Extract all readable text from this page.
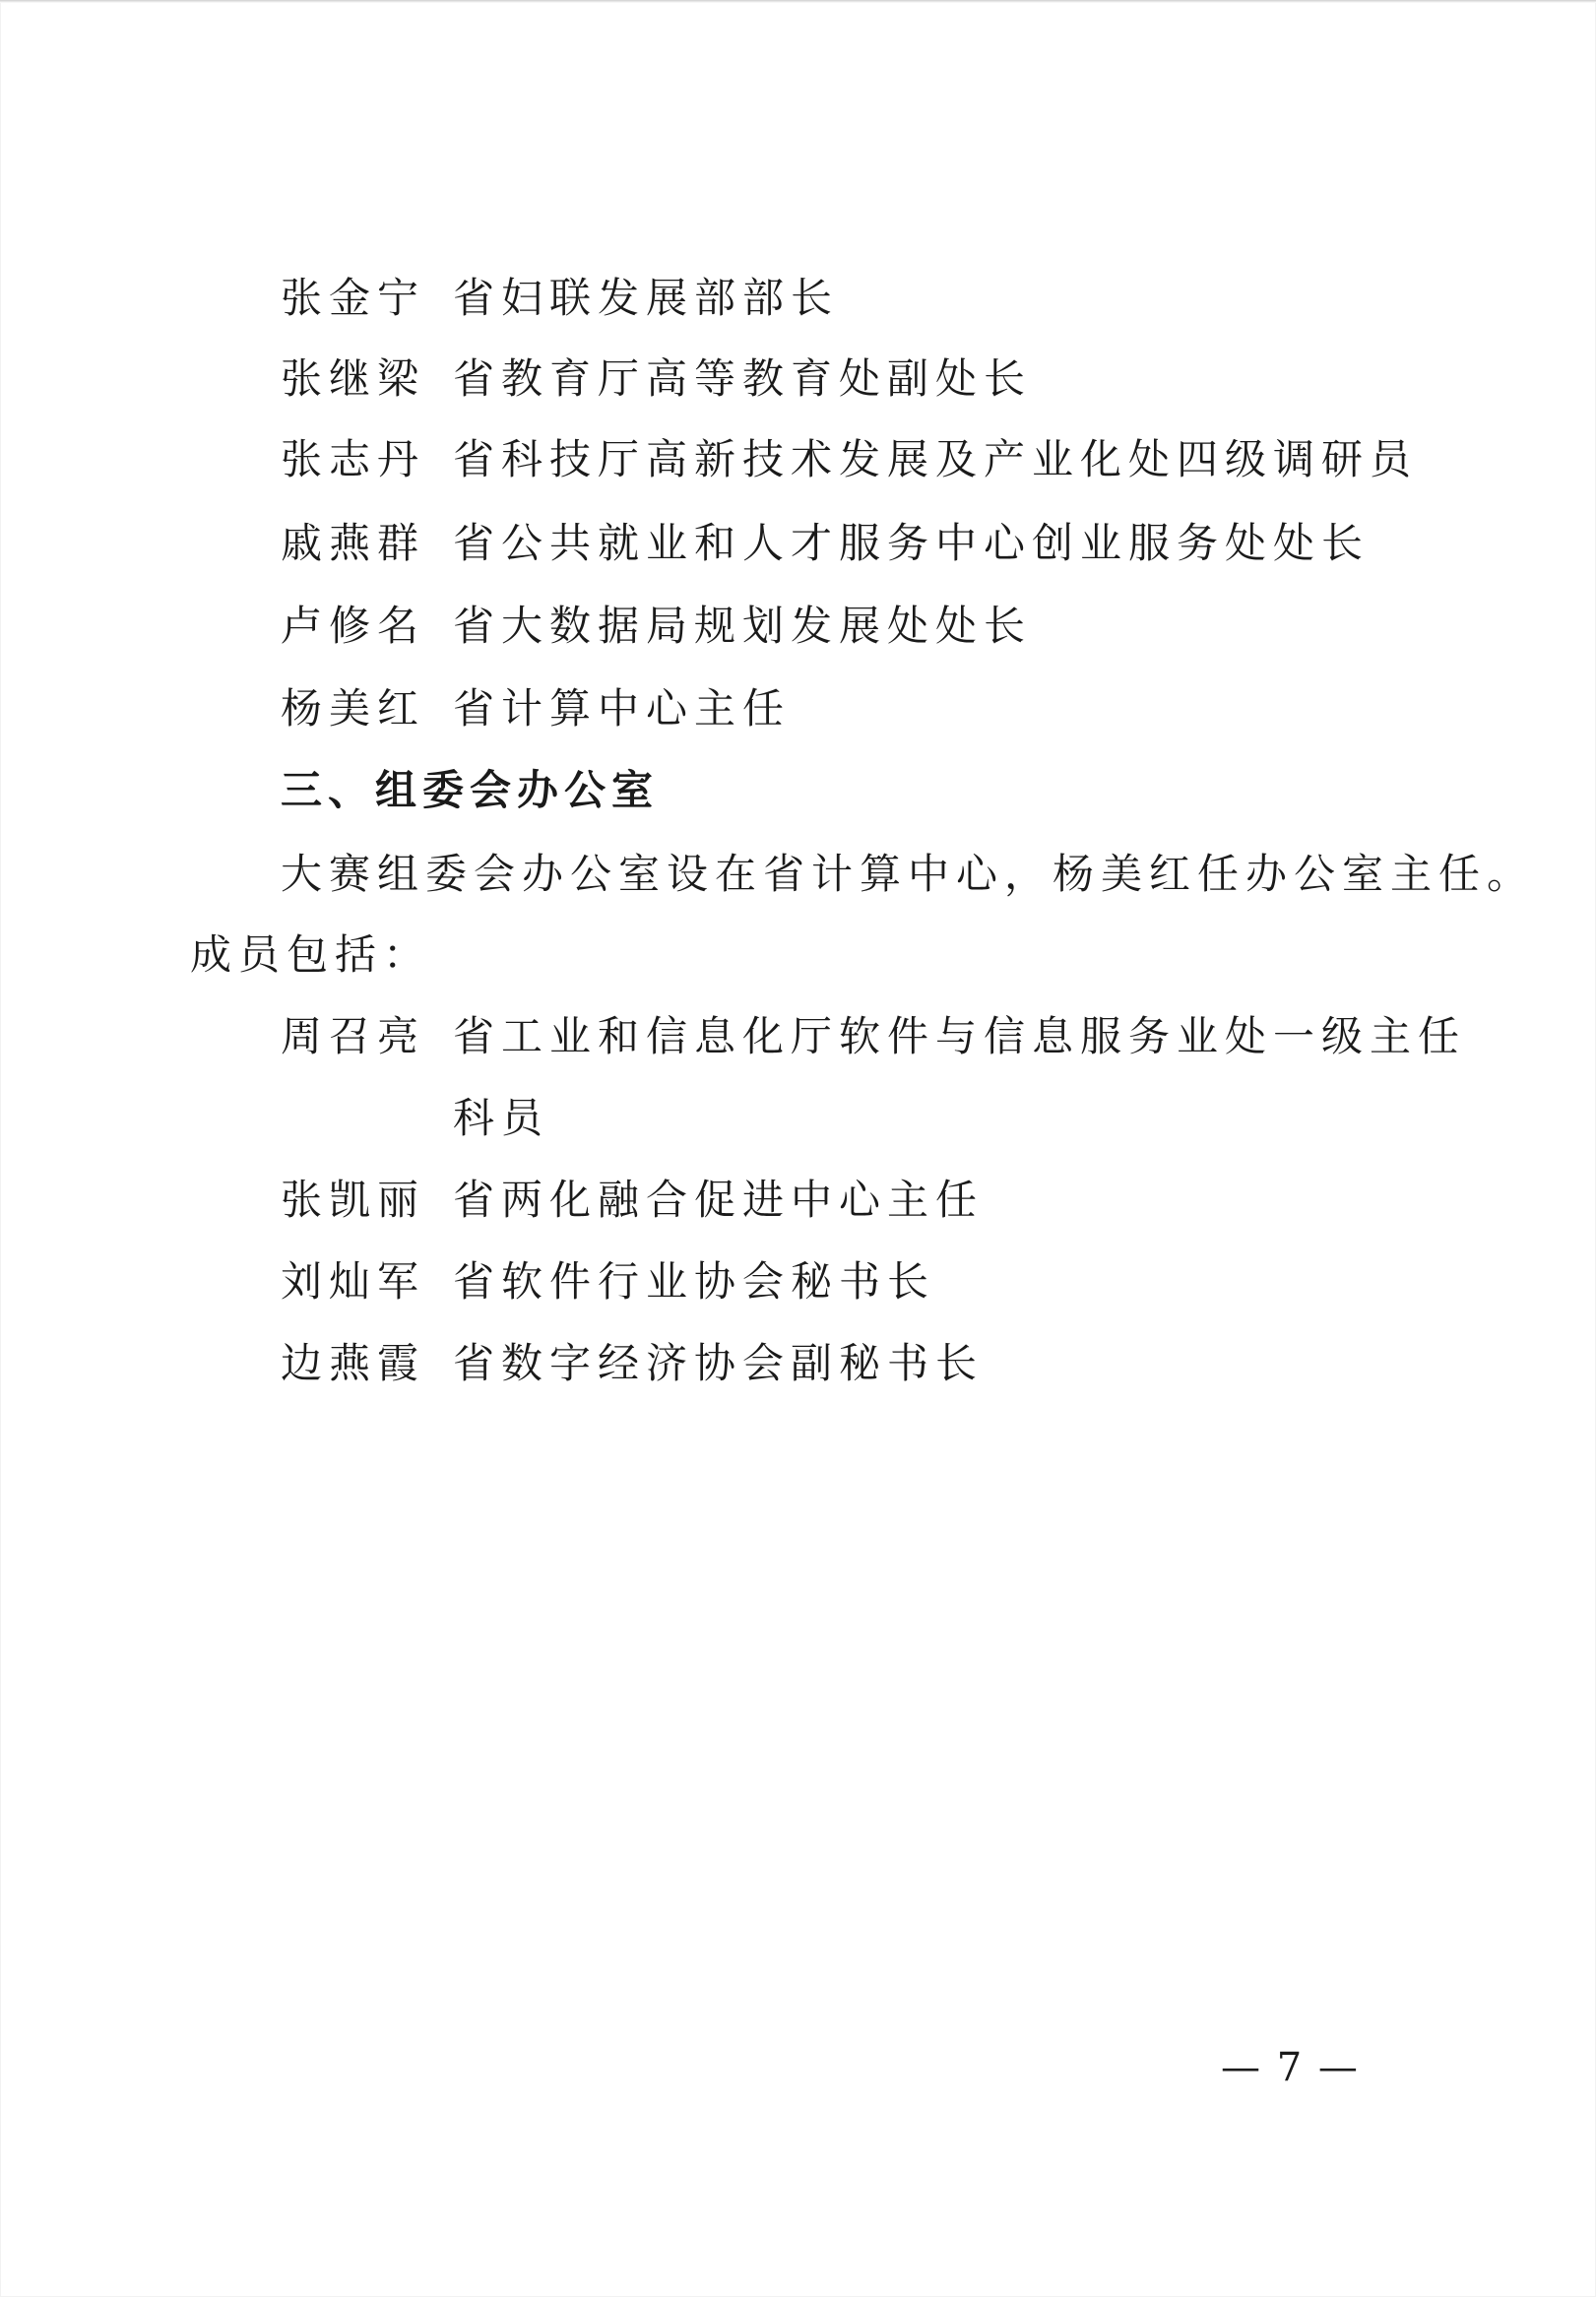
张金宁 省妇联发展部部长
张继梁 省教育厅高等教育处副处长
张志丹 省科技厅高新技术发展及产业化处四级调研员
戚燕群 省公共就业和人才服务中心创业服务处处长
卢修名 省大数据局规划发展处处长
杨美红 省计算中心主任
三、组委会办公室
大赛组委会办公室设在省计算中心，杨美红任办公室主任。
成员包括：
周召亮 省工业和信息化厅软件与信息服务业处一级主任
科员
张凯丽 省两化融合促进中心主任
刘灿军 省软件行业协会秘书长
边燕霞 省数字经济协会副秘书长
— 7 —
